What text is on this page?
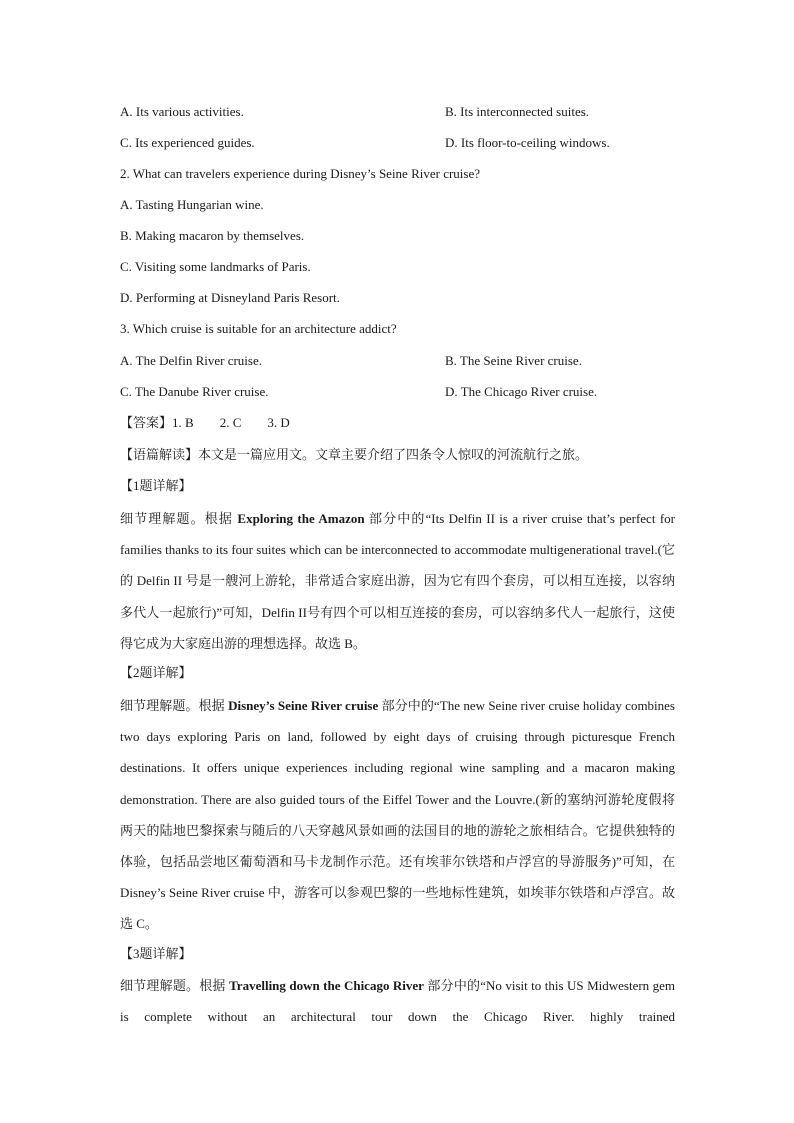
A. Its various activities.	B. Its interconnected suites.
C. Its experienced guides.	D. Its floor-to-ceiling windows.
2. What can travelers experience during Disney’s Seine River cruise?
A. Tasting Hungarian wine.
B. Making macaron by themselves.
C. Visiting some landmarks of Paris.
D. Performing at Disneyland Paris Resort.
3. Which cruise is suitable for an architecture addict?
A. The Delfin River cruise.	B. The Seine River cruise.
C. The Danube River cruise.	D. The Chicago River cruise.
【答案】1. B 2. C 3. D
【语篇解读】本文是一篇应用文。文章主要介绍了四条令人惊叹的河流航行之旅。
【1题详解】
细节理解题。根据 Exploring the Amazon 部分中的“Its Delfin II is a river cruise that’s perfect for families thanks to its four suites which can be interconnected to accommodate multigenerational travel.(它的 Delfin II 号是一艘河上游轮，非常适合家庭出游，因为它有四个套房，可以相互连接，以容纳多代人一起旅行)”可知，Delfin II号有四个可以相互连接的套房，可以容纳多代人一起旅行，这使得它成为大家庭出游的理想选择。故选 B。
【2题详解】
细节理解题。根据 Disney’s Seine River cruise 部分中的“The new Seine river cruise holiday combines two days exploring Paris on land, followed by eight days of cruising through picturesque French destinations. It offers unique experiences including regional wine sampling and a macaron making demonstration. There are also guided tours of the Eiffel Tower and the Louvre.(新的塞纳河游轮度假将两天的陆地巴黎探索与随后的八天穿越风景如画的法国目的地的游轮之旅相结合。它提供独特的体验，包括品尝地区葡萄酒和马卡龙制作示范。还有埃菲尔铁塔和卢浮宫的导游服务)”可知，在 Disney’s Seine River cruise 中，游客可以参观巴黎的一些地标性建筑，如埃菲尔铁塔和卢浮宫。故选 C。
【3题详解】
细节理解题。根据 Travelling down the Chicago River 部分中的“No visit to this US Midwestern gem is complete without an architectural tour down the Chicago River. highly trained
